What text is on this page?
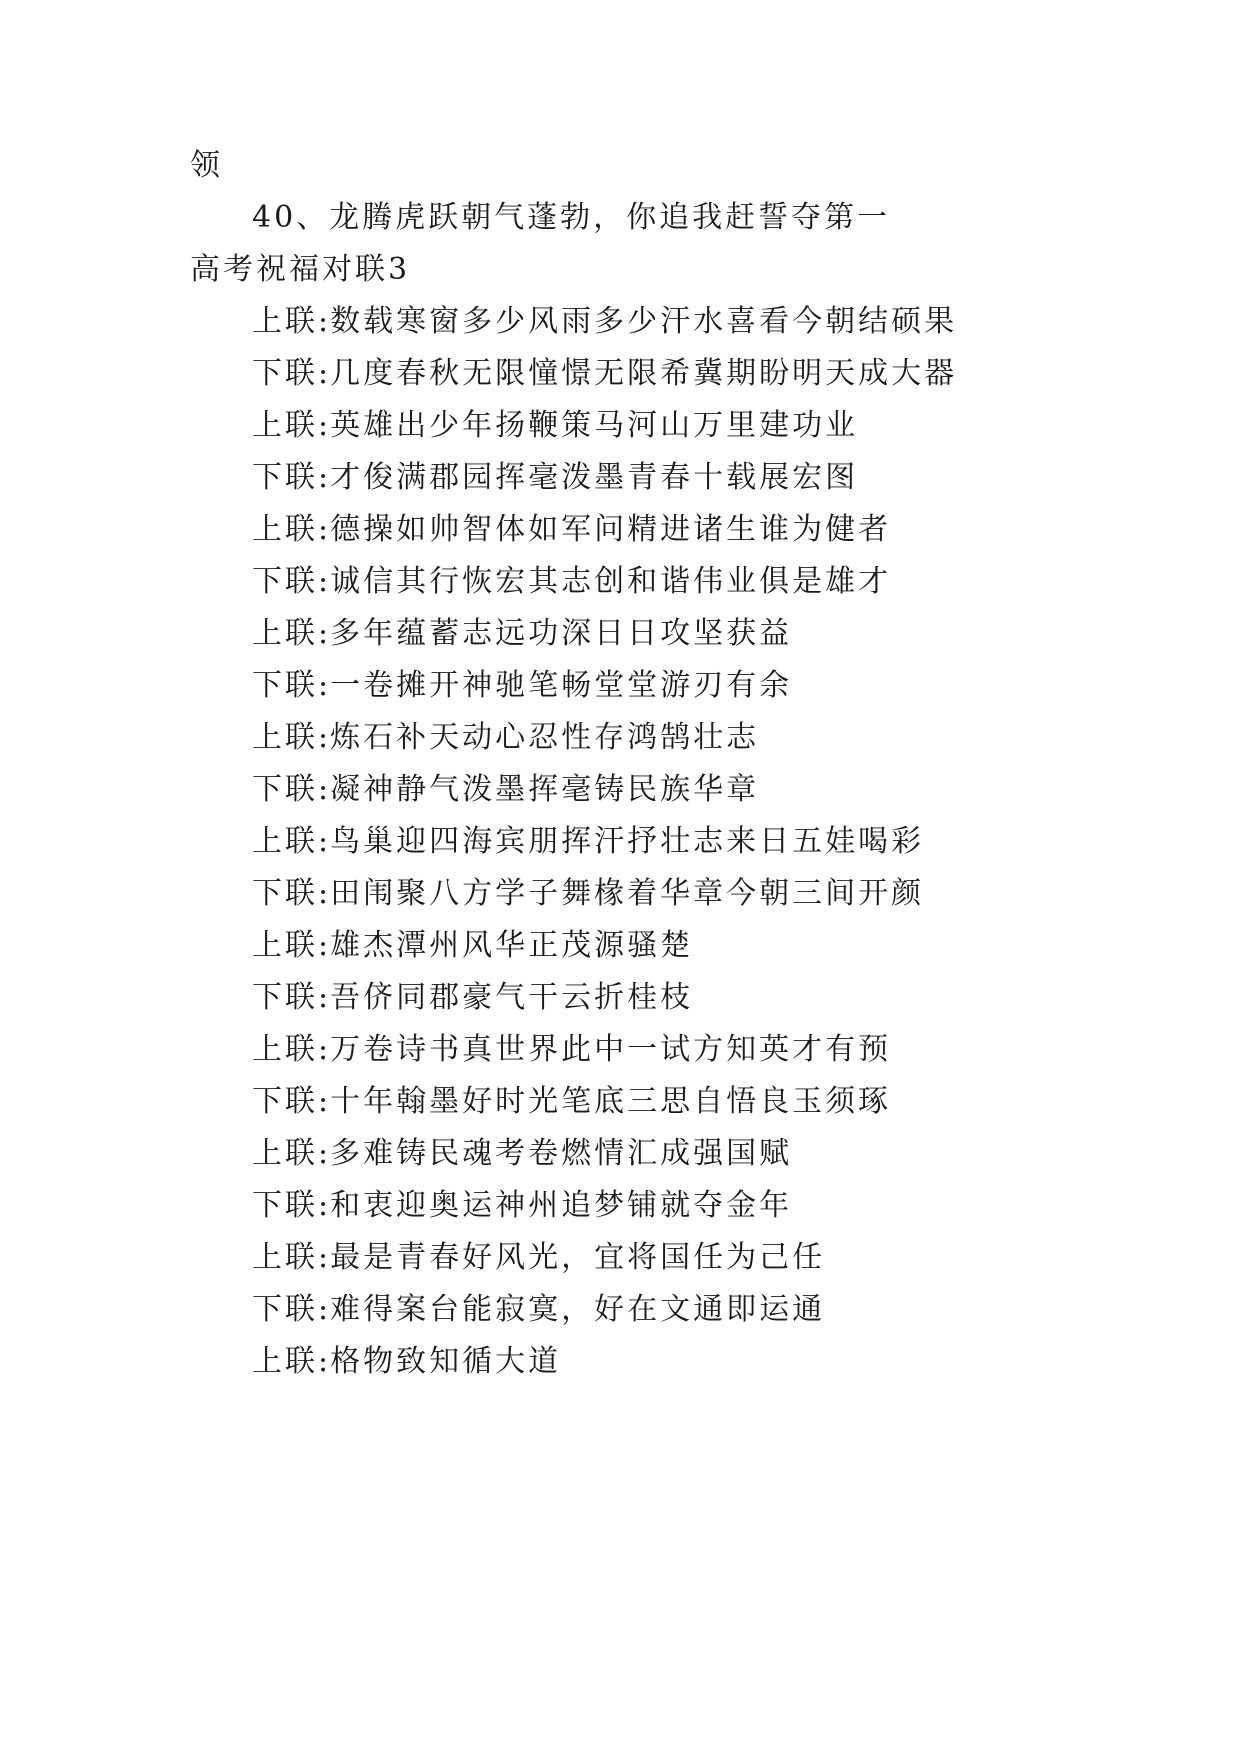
领
40、龙腾虎跃朝气蓬勃，你追我赶誓夺第一
高考祝福对联3
上联:数载寒窗多少风雨多少汗水喜看今朝结硕果
下联:几度春秋无限憧憬无限希冀期盼明天成大器
上联:英雄出少年扬鞭策马河山万里建功业
下联:才俊满郡园挥毫泼墨青春十载展宏图
上联:德操如帅智体如军问精进诸生谁为健者
下联:诚信其行恢宏其志创和谐伟业俱是雄才
上联:多年蕴蓄志远功深日日攻坚获益
下联:一卷摊开神驰笔畅堂堂游刃有余
上联:炼石补天动心忍性存鸿鹄壮志
下联:凝神静气泼墨挥毫铸民族华章
上联:鸟巢迎四海宾朋挥汗抒壮志来日五娃喝彩
下联:田闱聚八方学子舞椽着华章今朝三间开颜
上联:雄杰潭州风华正茂源骚楚
下联:吾侪同郡豪气干云折桂枝
上联:万卷诗书真世界此中一试方知英才有预
下联:十年翰墨好时光笔底三思自悟良玉须琢
上联:多难铸民魂考卷燃情汇成强国赋
下联:和衷迎奥运神州追梦铺就夺金年
上联:最是青春好风光，宜将国任为己任
下联:难得案台能寂寞，好在文通即运通
上联:格物致知循大道
